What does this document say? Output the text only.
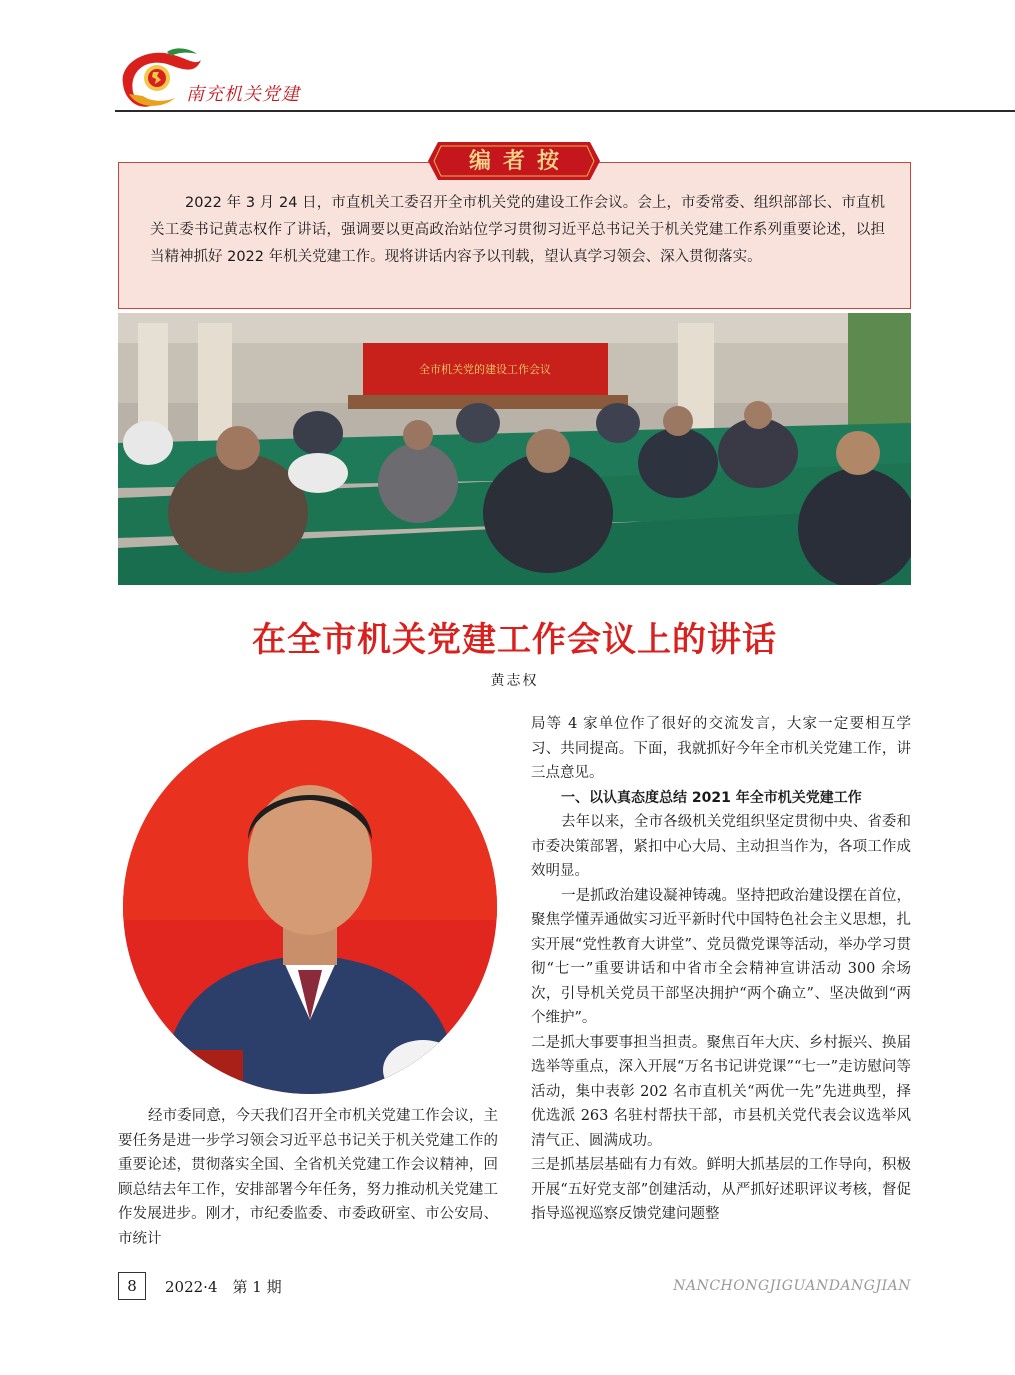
南充机关党建
编者按

2022 年 3 月 24 日，市直机关工委召开全市机关党的建设工作会议。会上，市委常委、组织部部长、市直机关工委书记黄志权作了讲话，强调要以更高政治站位学习贯彻习近平总书记关于机关党建工作系列重要论述，以担当精神抓好 2022 年机关党建工作。现将讲话内容予以刊载，望认真学习领会、深入贯彻落实。

全市机关党的建设工作会议
在全市机关党建工作会议上的讲话
黄志权

经市委同意，今天我们召开全市机关党建工作会议，主要任务是进一步学习领会习近平总书记关于机关党建工作的重要论述，贯彻落实全国、全省机关党建工作会议精神，回顾总结去年工作，安排部署今年任务，努力推动机关党建工作发展进步。刚才，市纪委监委、市委政研室、市公安局、市统计

局等 4 家单位作了很好的交流发言，大家一定要相互学习、共同提高。下面，我就抓好今年全市机关党建工作，讲三点意见。

一、以认真态度总结 2021 年全市机关党建工作

去年以来，全市各级机关党组织坚定贯彻中央、省委和市委决策部署，紧扣中心大局、主动担当作为，各项工作成效明显。

一是抓政治建设凝神铸魂。坚持把政治建设摆在首位，聚焦学懂弄通做实习近平新时代中国特色社会主义思想，扎实开展“党性教育大讲堂”、党员微党课等活动，举办学习贯彻“七一”重要讲话和中省市全会精神宣讲活动 300 余场次，引导机关党员干部坚决拥护“两个确立”、坚决做到“两个维护”。

二是抓大事要事担当担责。聚焦百年大庆、乡村振兴、换届选举等重点，深入开展“万名书记讲党课”“七一”走访慰问等活动，集中表彰 202 名市直机关“两优一先”先进典型，择优选派 263 名驻村帮扶干部，市县机关党代表会议选举风清气正、圆满成功。

三是抓基层基础有力有效。鲜明大抓基层的工作导向，积极开展“五好党支部”创建活动，从严抓好述职评议考核，督促指导巡视巡察反馈党建问题整

8	2022·4　第 1 期	NANCHONGJIGUANDANGJIAN
